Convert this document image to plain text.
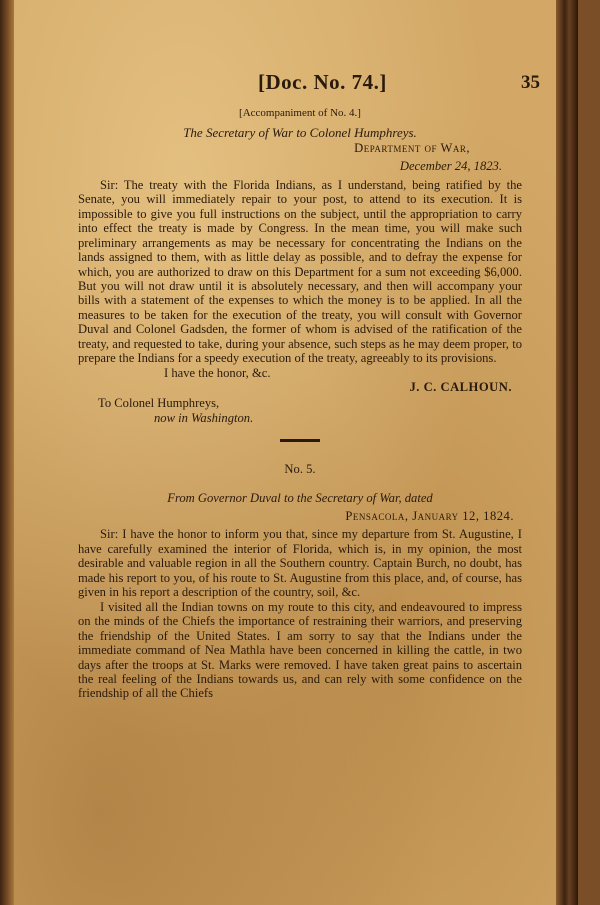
[Doc. No. 74.]	35
[Accompaniment of No. 4.]
The Secretary of War to Colonel Humphreys.
Department of War,
December 24, 1823.

Sir: The treaty with the Florida Indians, as I understand, being ratified by the Senate, you will immediately repair to your post, to attend to its execution. It is impossible to give you full instructions on the subject, until the appropriation to carry into effect the treaty is made by Congress. In the mean time, you will make such preliminary arrangements as may be necessary for concentrating the Indians on the lands assigned to them, with as little delay as possible, and to defray the expense for which, you are authorized to draw on this Department for a sum not exceeding $6,000. But you will not draw until it is absolutely necessary, and then will accompany your bills with a statement of the expenses to which the money is to be applied. In all the measures to be taken for the execution of the treaty, you will consult with Governor Duval and Colonel Gadsden, the former of whom is advised of the ratification of the treaty, and requested to take, during your absence, such steps as he may deem proper, to prepare the Indians for a speedy execution of the treaty, agreeably to its provisions.

I have the honor, &c.
J. C. CALHOUN.
To Colonel Humphreys,
now in Washington.
No. 5.
From Governor Duval to the Secretary of War, dated
Pensacola, January 12, 1824.

Sir: I have the honor to inform you that, since my departure from St. Augustine, I have carefully examined the interior of Florida, which is, in my opinion, the most desirable and valuable region in all the Southern country. Captain Burch, no doubt, has made his report to you, of his route to St. Augustine from this place, and, of course, has given in his report a description of the country, soil, &c.

I visited all the Indian towns on my route to this city, and endeavoured to impress on the minds of the Chiefs the importance of restraining their warriors, and preserving the friendship of the United States. I am sorry to say that the Indians under the immediate command of Nea Mathla have been concerned in killing the cattle, in two days after the troops at St. Marks were removed. I have taken great pains to ascertain the real feeling of the Indians towards us, and can rely with some confidence on the friendship of all the Chiefs
